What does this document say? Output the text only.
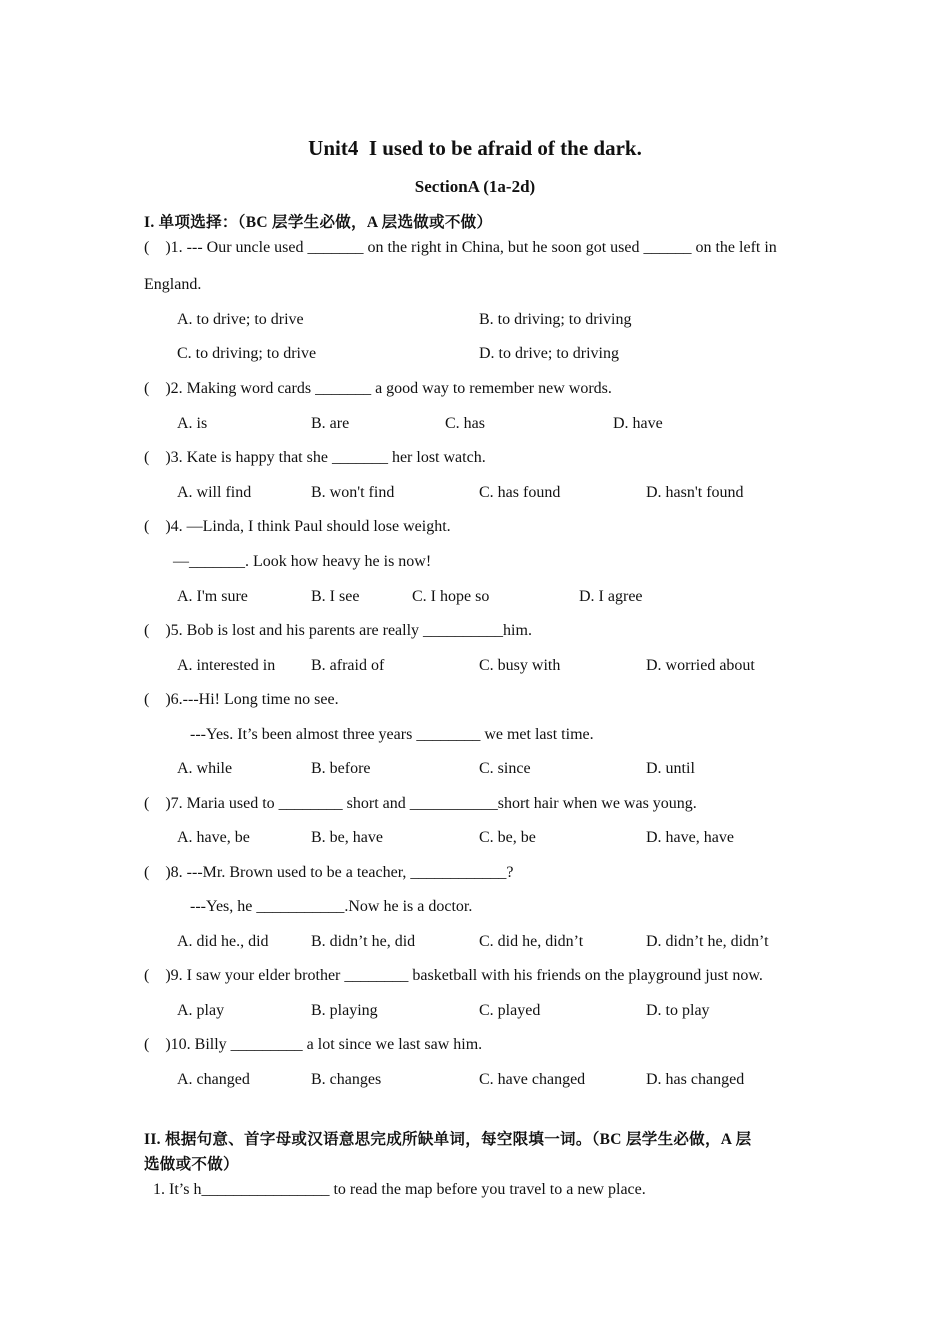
Unit4  I used to be afraid of the dark.
SectionA (1a-2d)
I. 单项选择：（BC 层学生必做，A 层选做或不做）
(    )1. --- Our uncle used _______ on the right in China, but he soon got used ______ on the left in
England.
A. to drive; to drive	B. to driving; to driving
C. to driving; to drive	D. to drive; to driving
(    )2. Making word cards _______ a good way to remember new words.
A. is	B. are	C. has	D. have
(    )3. Kate is happy that she _______ her lost watch.
A. will find	B. won't find	C. has found	D. hasn't found
(    )4. —Linda, I think Paul should lose weight.
—_______. Look how heavy he is now!
A. I'm sure	B. I see	C. I hope so	D. I agree
(    )5. Bob is lost and his parents are really __________him.
A. interested in B. afraid of	C. busy with	D. worried about
(    )6.---Hi! Long time no see.
---Yes. It’s been almost three years ________ we met last time.
A. while	B. before	C. since	D. until
(    )7. Maria used to ________ short and ___________short hair when we was young.
A. have, be	B. be, have	C. be, be	D. have, have
(    )8. ---Mr. Brown used to be a teacher, ____________?
---Yes, he ___________.Now he is a doctor.
A. did he., did	B. didn’t he, did	C. did he, didn’t	D. didn’t he, didn’t
(    )9. I saw your elder brother ________ basketball with his friends on the playground just now.
A. play	B. playing	C. played	D. to play
(    )10. Billy _________ a lot since we last saw him.
A. changed	B. changes	C. have changed	D. has changed
II. 根据句意、首字母或汉语意思完成所缺单词，每空限填一词。（BC 层学生必做，A 层
选做或不做）
1. It’s h________________ to read the map before you travel to a new place.
